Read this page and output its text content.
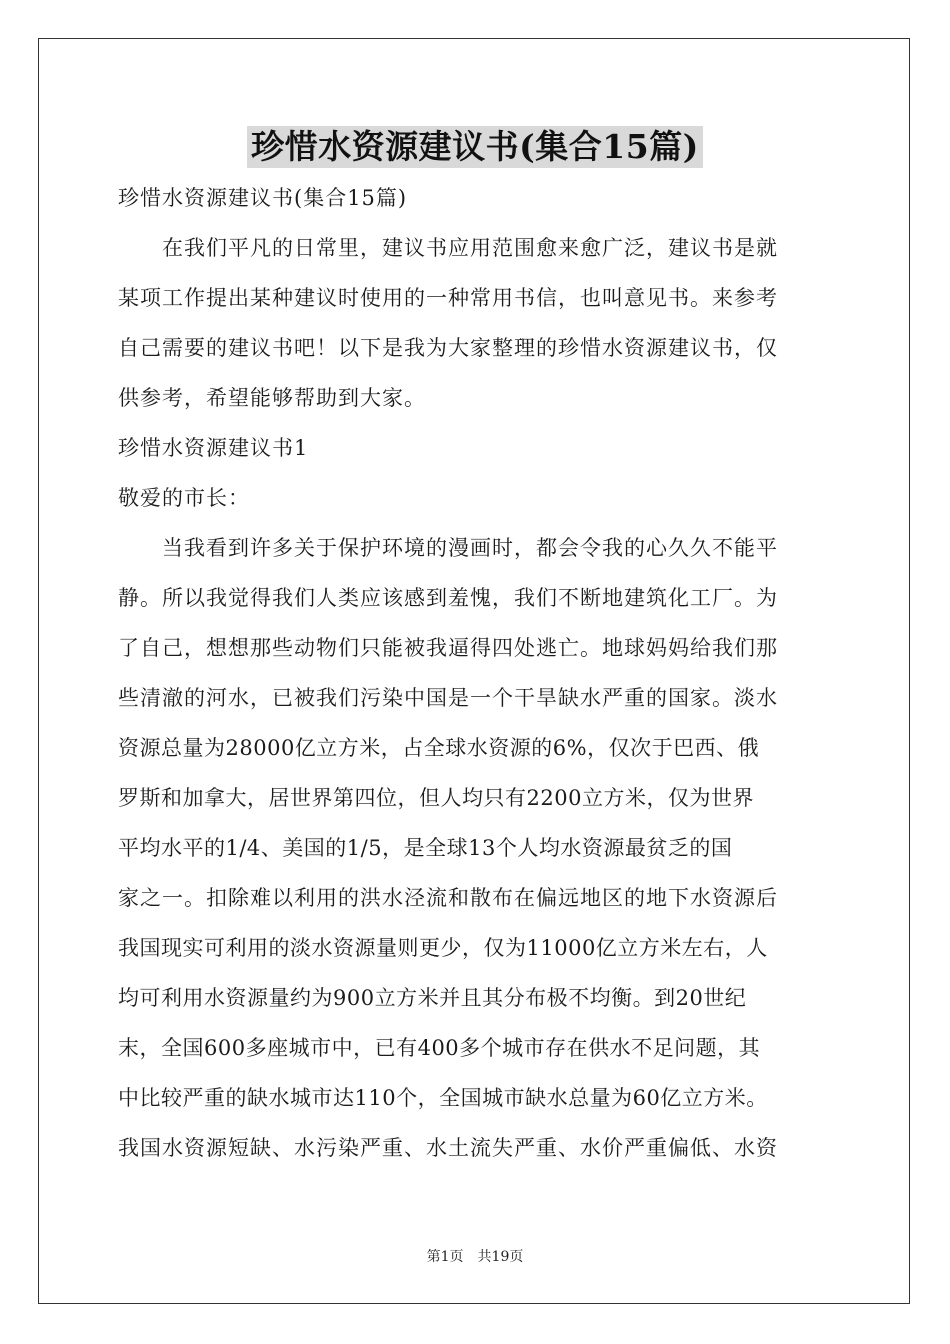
珍惜水资源建议书(集合15篇)
珍惜水资源建议书(集合15篇)
　　在我们平凡的日常里，建议书应用范围愈来愈广泛，建议书是就
某项工作提出某种建议时使用的一种常用书信，也叫意见书。来参考
自己需要的建议书吧！以下是我为大家整理的珍惜水资源建议书，仅
供参考，希望能够帮助到大家。
珍惜水资源建议书1
敬爱的市长：
　　当我看到许多关于保护环境的漫画时，都会令我的心久久不能平
静。所以我觉得我们人类应该感到羞愧，我们不断地建筑化工厂。为
了自己，想想那些动物们只能被我逼得四处逃亡。地球妈妈给我们那
些清澈的河水，已被我们污染中国是一个干旱缺水严重的国家。淡水
资源总量为28000亿立方米，占全球水资源的6%，仅次于巴西、俄
罗斯和加拿大，居世界第四位，但人均只有2200立方米，仅为世界
平均水平的1/4、美国的1/5，是全球13个人均水资源最贫乏的国
家之一。扣除难以利用的洪水泾流和散布在偏远地区的地下水资源后
我国现实可利用的淡水资源量则更少，仅为11000亿立方米左右，人
均可利用水资源量约为900立方米并且其分布极不均衡。到20世纪
末，全国600多座城市中，已有400多个城市存在供水不足问题，其
中比较严重的缺水城市达110个，全国城市缺水总量为60亿立方米。
我国水资源短缺、水污染严重、水土流失严重、水价严重偏低、水资
第1页　共19页
